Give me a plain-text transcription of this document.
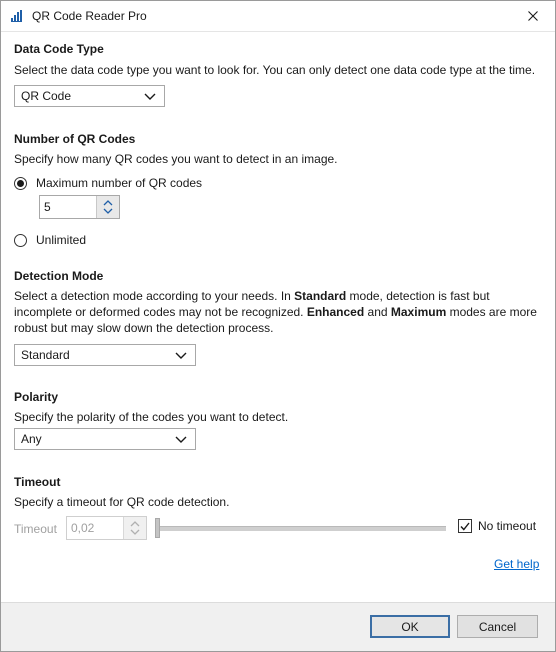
QR Code Reader Pro
Data Code Type
Select the data code type you want to look for. You can only detect one data code type at the time.
QR Code
Number of QR Codes
Specify how many QR codes you want to detect in an image.
Maximum number of QR codes
5
Unlimited
Detection Mode
Select a detection mode according to your needs. In Standard mode, detection is fast but
incomplete or deformed codes may not be recognized. Enhanced and Maximum modes are more
robust but may slow down the detection process.
Standard
Polarity
Specify the polarity of the codes you want to detect.
Any
Timeout
Specify a timeout for QR code detection.
Timeout	0,02	No timeout
Get help
OK	Cancel
